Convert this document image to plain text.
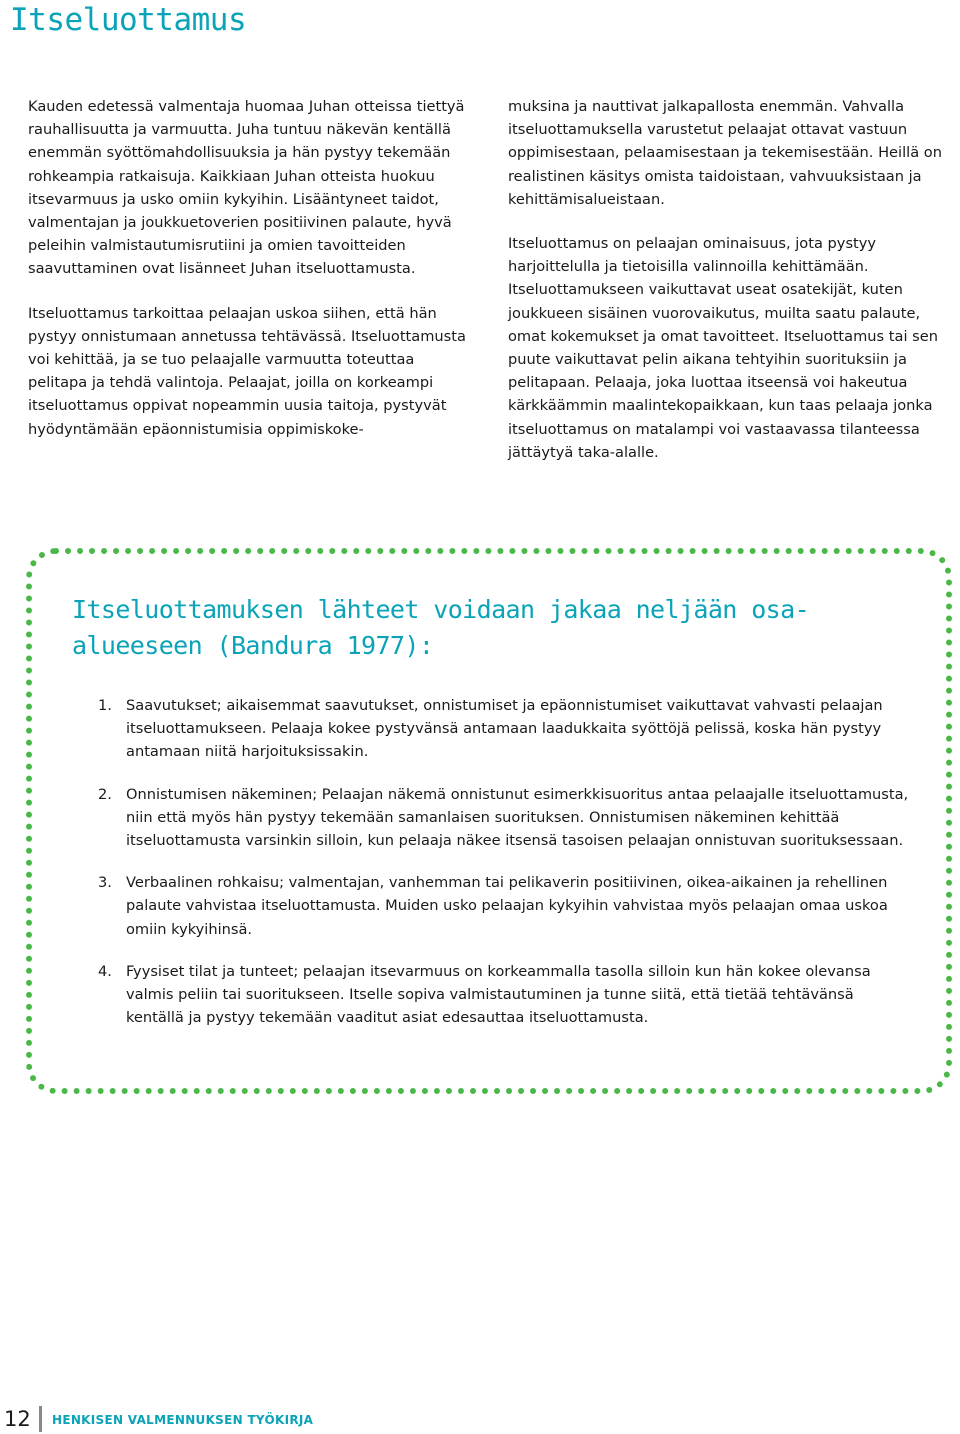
Itseluottamus

Kauden edetessä valmentaja huomaa Juhan otteissa tiettyä rauhallisuutta ja varmuutta. Juha tuntuu näkevän kentällä enemmän syöttömahdollisuuksia ja hän pystyy tekemään rohkeampia ratkaisuja. Kaikkiaan Juhan otteista huokuu itsevarmuus ja usko omiin kykyihin. Lisääntyneet taidot, valmentajan ja joukkuetoverien positiivinen palaute, hyvä peleihin valmistautumisrutiini ja omien tavoitteiden saavuttaminen ovat lisänneet Juhan itseluottamusta.

Itseluottamus tarkoittaa pelaajan uskoa siihen, että hän pystyy onnistumaan annetussa tehtävässä. Itseluottamusta voi kehittää, ja se tuo pelaajalle varmuutta toteuttaa pelitapa ja tehdä valintoja. Pelaajat, joilla on korkeampi itseluottamus oppivat nopeammin uusia taitoja, pystyvät hyödyntämään epäonnistumisia oppimiskoke-

muksina ja nauttivat jalkapallosta enemmän. Vahvalla itseluottamuksella varustetut pelaajat ottavat vastuun oppimisestaan, pelaamisestaan ja tekemisestään. Heillä on realistinen käsitys omista taidoistaan, vahvuuksistaan ja kehittämisalueistaan.

Itseluottamus on pelaajan ominaisuus, jota pystyy harjoittelulla ja tietoisilla valinnoilla kehittämään. Itseluottamukseen vaikuttavat useat osatekijät, kuten joukkueen sisäinen vuorovaikutus, muilta saatu palaute, omat kokemukset ja omat tavoitteet. Itseluottamus tai sen puute vaikuttavat pelin aikana tehtyihin suorituksiin ja pelitapaan. Pelaaja, joka luottaa itseensä voi hakeutua kärkkäämmin maalintekopaikkaan, kun taas pelaaja jonka itseluottamus on matalampi voi vastaavassa tilanteessa jättäytyä taka-alalle.

Itseluottamuksen lähteet voidaan jakaa neljään osa-alueeseen (Bandura 1977):
1. Saavutukset; aikaisemmat saavutukset, onnistumiset ja epäonnistumiset vaikuttavat vahvasti pelaajan itseluottamukseen. Pelaaja kokee pystyvänsä antamaan laadukkaita syöttöjä pelissä, koska hän pystyy antamaan niitä harjoituksissakin.
2. Onnistumisen näkeminen; Pelaajan näkemä onnistunut esimerkkisuoritus antaa pelaajalle itseluottamusta, niin että myös hän pystyy tekemään samanlaisen suorituksen. Onnistumisen näkeminen kehittää itseluottamusta varsinkin silloin, kun pelaaja näkee itsensä tasoisen pelaajan onnistuvan suorituksessaan.
3. Verbaalinen rohkaisu; valmentajan, vanhemman tai pelikaverin positiivinen, oikea-aikainen ja rehellinen palaute vahvistaa itseluottamusta. Muiden usko pelaajan kykyihin vahvistaa myös pelaajan omaa uskoa omiin kykyihinsä.
4. Fyysiset tilat ja tunteet; pelaajan itsevarmuus on korkeammalla tasolla silloin kun hän kokee olevansa valmis peliin tai suoritukseen. Itselle sopiva valmistautuminen ja tunne siitä, että tietää tehtävänsä kentällä ja pystyy tekemään vaaditut asiat edesauttaa itseluottamusta.
12 HENKISEN VALMENNUKSEN TYÖKIRJA
